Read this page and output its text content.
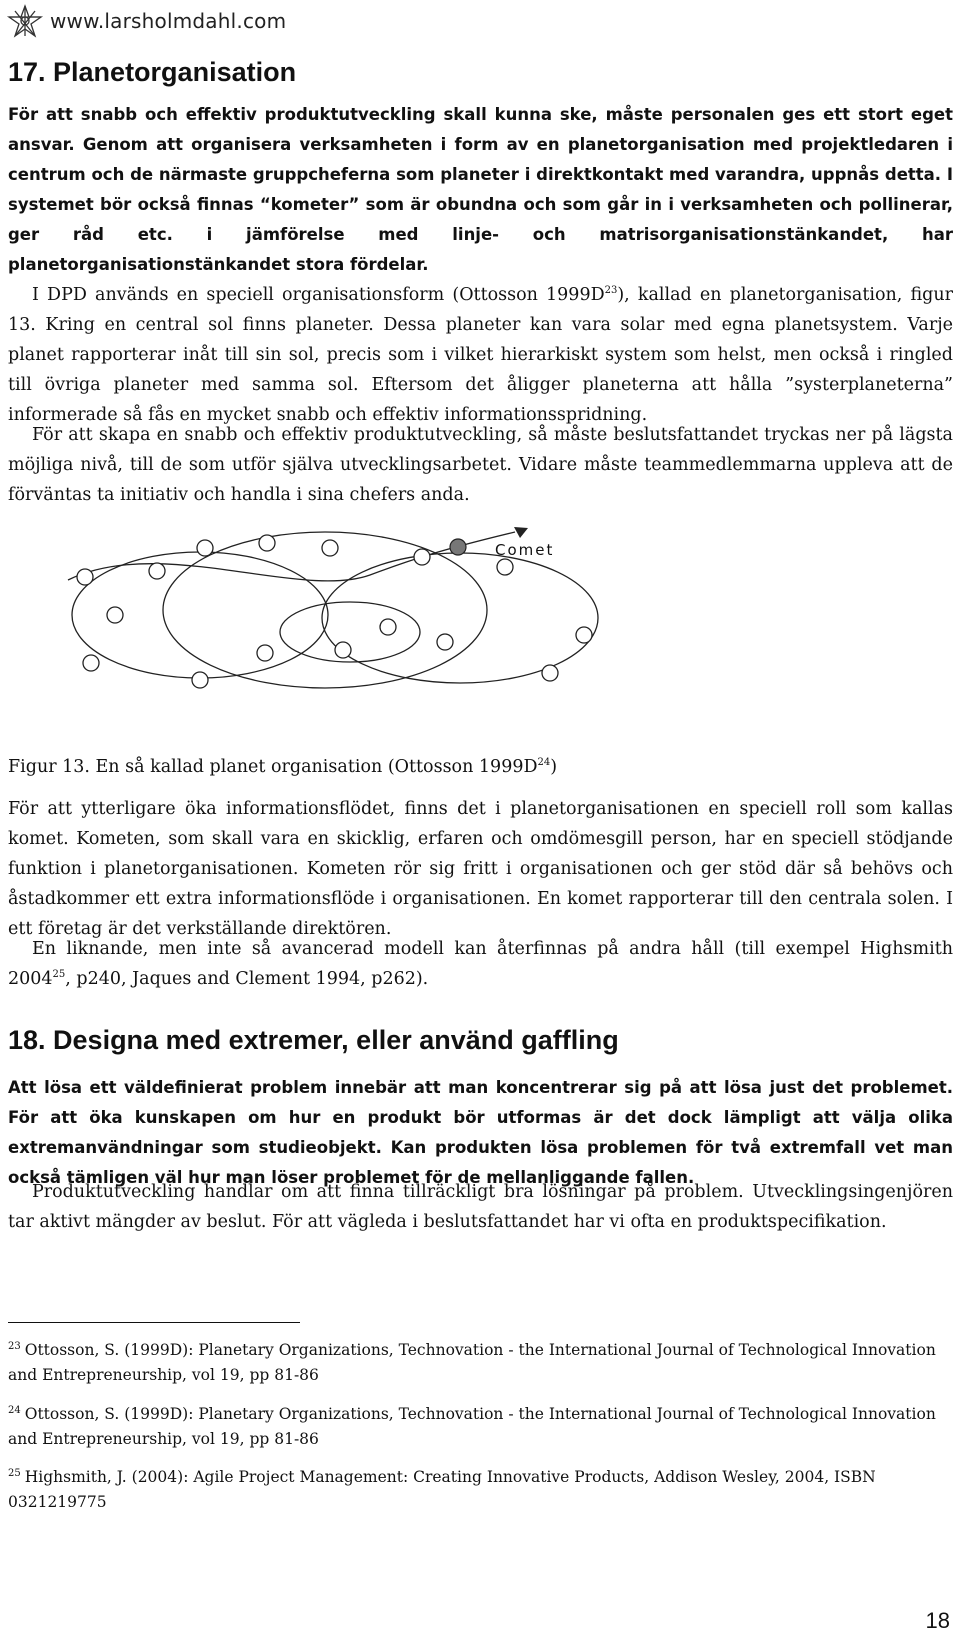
www.larsholmdahl.com
17. Planetorganisation

För att snabb och effektiv produktutveckling skall kunna ske, måste personalen ges ett stort eget ansvar. Genom att organisera verksamheten i form av en planetorganisation med projektledaren i centrum och de närmaste gruppcheferna som planeter i direktkontakt med varandra, uppnås detta. I systemet bör också finnas “kometer” som är obundna och som går in i verksamheten och pollinerar, ger råd etc. i jämförelse med linje- och matrisorganisationstänkandet, har planetorganisationstänkandet stora fördelar.

I DPD används en speciell organisationsform (Ottosson $1999D^{23}$), kallad en planetorganisation, figur 13. Kring en central sol finns planeter. Dessa planeter kan vara solar med egna planetsystem. Varje planet rapporterar inåt till sin sol, precis som i vilket hierarkiskt system som helst, men också i ringled till övriga planeter med samma sol. Eftersom det åligger planeterna att hålla ”systerplaneterna” informerade så fås en mycket snabb och effektiv informationsspridning.

För att skapa en snabb och effektiv produktutveckling, så måste beslutsfattandet tryckas ner på lägsta möjliga nivå, till de som utför själva utvecklingsarbetet. Vidare måste teammedlemmarna uppleva att de förväntas ta initiativ och handla i sina chefers anda.

Comet

Figur 13. En så kallad planet organisation (Ottosson $1999D^{24}$)

För att ytterligare öka informationsflödet, finns det i planetorganisationen en speciell roll som kallas komet. Kometen, som skall vara en skicklig, erfaren och omdömesgill person, har en speciell stödjande funktion i planetorganisationen. Kometen rör sig fritt i organisationen och ger stöd där så behövs och åstadkommer ett extra informationsflöde i organisationen. En komet rapporterar till den centrala solen. I ett företag är det verkställande direktören.

En liknande, men inte så avancerad modell kan återfinnas på andra håll (till exempel Highsmith 2004$^{25}$, p240, Jaques and Clement 1994, p262).

18. Designa med extremer, eller använd gaffling

Att lösa ett väldefinierat problem innebär att man koncentrerar sig på att lösa just det problemet. För att öka kunskapen om hur en produkt bör utformas är det dock lämpligt att välja olika extremanvändningar som studieobjekt. Kan produkten lösa problemen för två extremfall vet man också tämligen väl hur man löser problemet för de mellanliggande fallen.

Produktutveckling handlar om att finna tillräckligt bra lösningar på problem. Utvecklingsingenjören tar aktivt mängder av beslut. För att vägleda i beslutsfattandet har vi ofta en produktspecifikation.

$^{23}$ Ottosson, S. (1999D): Planetary Organizations, Technovation - the International Journal of Technological Innovation and Entrepreneurship, vol 19, pp 81-86

$^{24}$ Ottosson, S. (1999D): Planetary Organizations, Technovation - the International Journal of Technological Innovation and Entrepreneurship, vol 19, pp 81-86

$^{25}$ Highsmith, J. (2004): Agile Project Management: Creating Innovative Products, Addison Wesley, 2004, ISBN 0321219775

18
